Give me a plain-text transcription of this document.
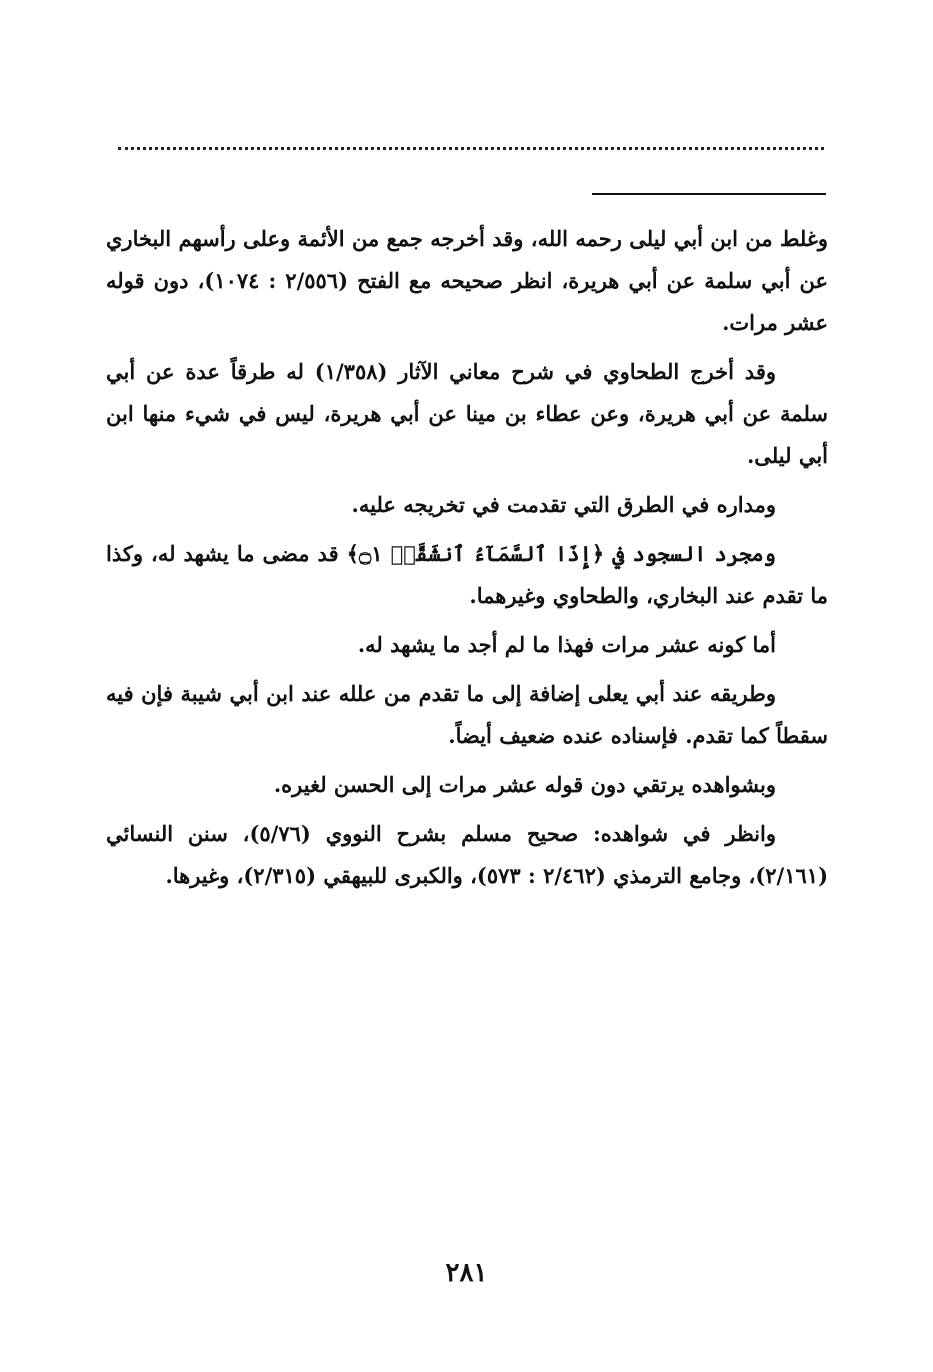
وغلط من ابن أبي ليلى رحمه الله، وقد أخرجه جمع من الأئمة وعلى رأسهم البخاري عن أبي سلمة عن أبي هريرة، انظر صحيحه مع الفتح (٢/٥٥٦ : ١٠٧٤)، دون قوله عشر مرات.

وقد أخرج الطحاوي في شرح معاني الآثار (١/٣٥٨) له طرقاً عدة عن أبي سلمة عن أبي هريرة، وعن عطاء بن مينا عن أبي هريرة، ليس في شيء منها ابن أبي ليلى.

ومداره في الطرق التي تقدمت في تخريجه عليه.

ومجرد السجود في ﴿إِذَا ٱلسَّمَآءُ ٱنشَقَّتۡ ۝١﴾ قد مضى ما يشهد له، وكذا ما تقدم عند البخاري، والطحاوي وغيرهما.

أما كونه عشر مرات فهذا ما لم أجد ما يشهد له.

وطريقه عند أبي يعلى إضافة إلى ما تقدم من علله عند ابن أبي شيبة فإن فيه سقطاً كما تقدم. فإسناده عنده ضعيف أيضاً.

وبشواهده يرتقي دون قوله عشر مرات إلى الحسن لغيره.

وانظر في شواهده: صحيح مسلم بشرح النووي (٥/٧٦)، سنن النسائي (٢/١٦١)، وجامع الترمذي (٢/٤٦٢ : ٥٧٣)، والكبرى للبيهقي (٢/٣١٥)، وغيرها.

٢٨١
